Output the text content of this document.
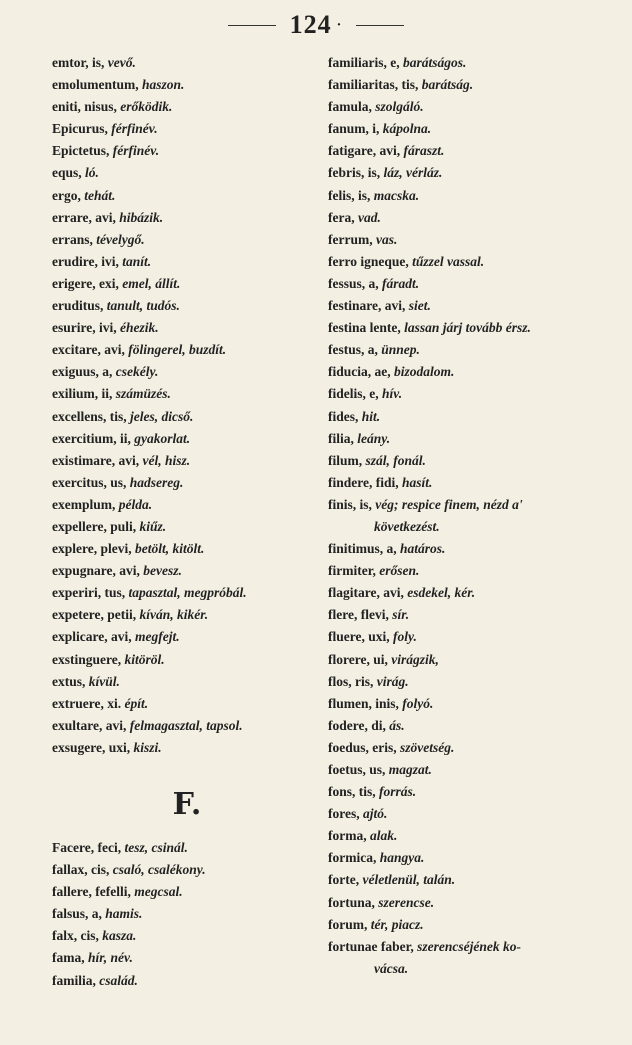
124 ·
emtor, is, vevő.
emolumentum, haszon.
eniti, nisus, erőködik.
Epicurus, férfinév.
Epictetus, férfinév.
equs, ló.
ergo, tehát.
errare, avi, hibázik.
errans, tévelygő.
erudire, ivi, tanít.
erigere, exi, emel, állít.
eruditus, tanult, tudós.
esurire, ivi, éhezik.
excitare, avi, fölingerel, buzdít.
exiguus, a, csekély.
exilium, ii, számüzés.
excellens, tis, jeles, dicső.
exercitium, ii, gyakorlat.
existimare, avi, vél, hisz.
exercitus, us, hadsereg.
exemplum, példa.
expellere, puli, kiűz.
explere, plevi, betölt, kitölt.
expugnare, avi, bevesz.
experiri, tus, tapasztal, megpróbál.
expetere, petii, kíván, kikér.
explicare, avi, megfejt.
exstinguere, kitöröl.
extus, kívül.
extruere, xi. épít.
exultare, avi, felmagasztal, tapsol.
exsugere, uxi, kiszi.
F.
Facere, feci, tesz, csinál.
fallax, cis, csaló, csalékony.
fallere, fefelli, megcsal.
falsus, a, hamis.
falx, cis, kasza.
fama, hír, név.
familia, család.
familiaris, e, barátságos.
familiaritas, tis, barátság.
famula, szolgáló.
fanum, i, kápolna.
fatigare, avi, fáraszt.
febris, is, láz, vérláz.
felis, is, macska.
fera, vad.
ferrum, vas.
ferro igneque, tűzzel vassal.
fessus, a, fáradt.
festinare, avi, siet.
festina lente, lassan járj tovább érsz.
festus, a, ünnep.
fiducia, ae, bizodalom.
fidelis, e, hív.
fides, hit.
filia, leány.
filum, szál, fonál.
findere, fidi, hasít.
finis, is, vég; respice finem, nézd a'
következést.
finitimus, a, határos.
firmiter, erősen.
flagitare, avi, esdekel, kér.
flere, flevi, sír.
fluere, uxi, foly.
florere, ui, virágzik,
flos, ris, virág.
flumen, inis, folyó.
fodere, di, ás.
foedus, eris, szövetség.
foetus, us, magzat.
fons, tis, forrás.
fores, ajtó.
forma, alak.
formica, hangya.
forte, véletlenül, talán.
fortuna, szerencse.
forum, tér, piacz.
fortunae faber, szerencséjének ko-
vácsa.
